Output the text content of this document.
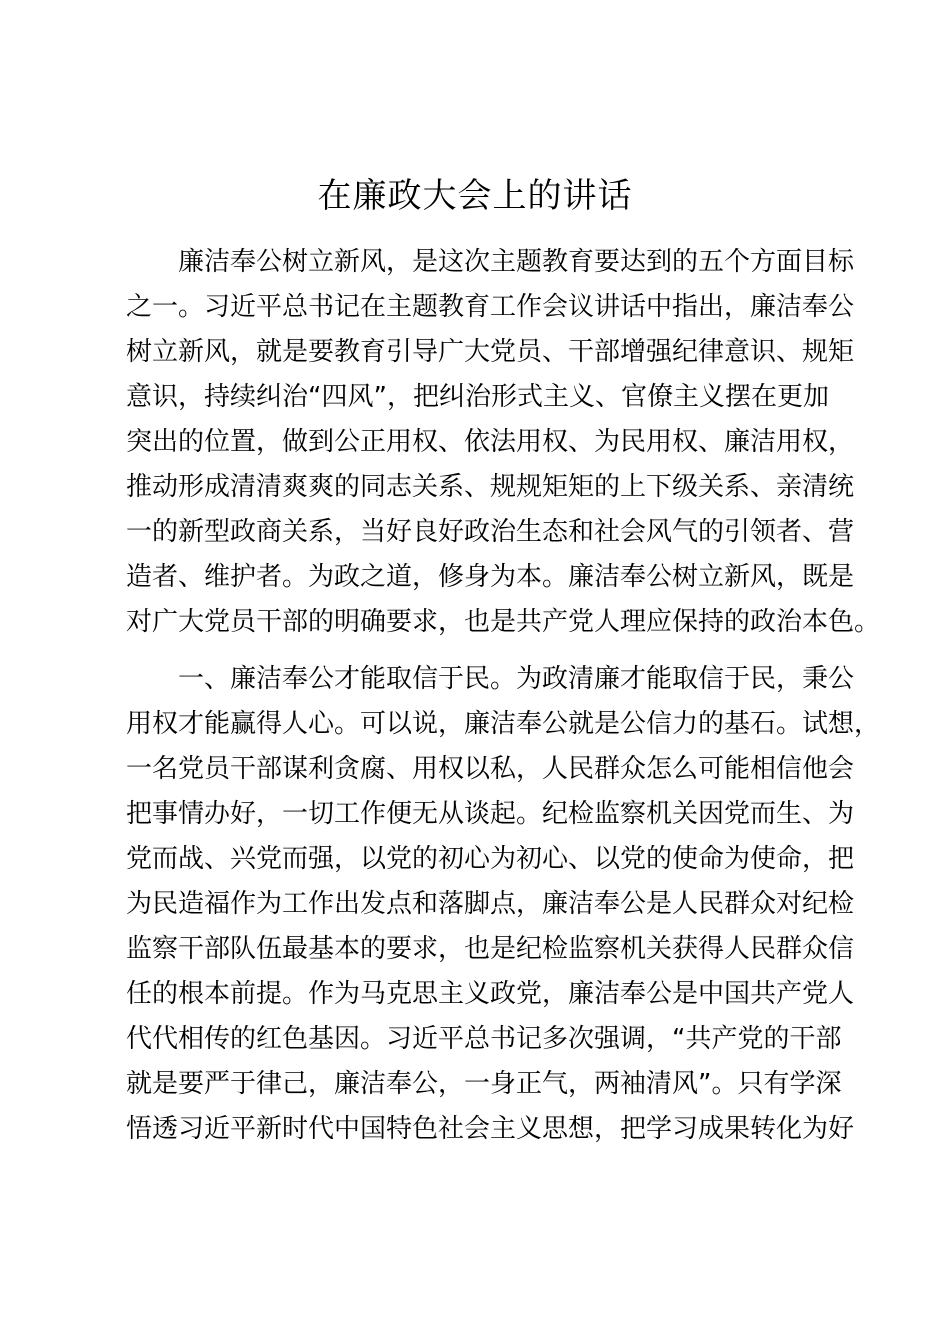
在廉政大会上的讲话
　　廉洁奉公树立新风，是这次主题教育要达到的五个方面目标
之一。习近平总书记在主题教育工作会议讲话中指出，廉洁奉公
树立新风，就是要教育引导广大党员、干部增强纪律意识、规矩
意识，持续纠治“四风”，把纠治形式主义、官僚主义摆在更加
突出的位置，做到公正用权、依法用权、为民用权、廉洁用权，
推动形成清清爽爽的同志关系、规规矩矩的上下级关系、亲清统
一的新型政商关系，当好良好政治生态和社会风气的引领者、营
造者、维护者。为政之道，修身为本。廉洁奉公树立新风，既是
对广大党员干部的明确要求，也是共产党人理应保持的政治本色。
　　一、廉洁奉公才能取信于民。为政清廉才能取信于民，秉公
用权才能赢得人心。可以说，廉洁奉公就是公信力的基石。试想，
一名党员干部谋利贪腐、用权以私，人民群众怎么可能相信他会
把事情办好，一切工作便无从谈起。纪检监察机关因党而生、为
党而战、兴党而强，以党的初心为初心、以党的使命为使命，把
为民造福作为工作出发点和落脚点，廉洁奉公是人民群众对纪检
监察干部队伍最基本的要求，也是纪检监察机关获得人民群众信
任的根本前提。作为马克思主义政党，廉洁奉公是中国共产党人
代代相传的红色基因。习近平总书记多次强调，“共产党的干部
就是要严于律己，廉洁奉公，一身正气，两袖清风”。只有学深
悟透习近平新时代中国特色社会主义思想，把学习成果转化为好
